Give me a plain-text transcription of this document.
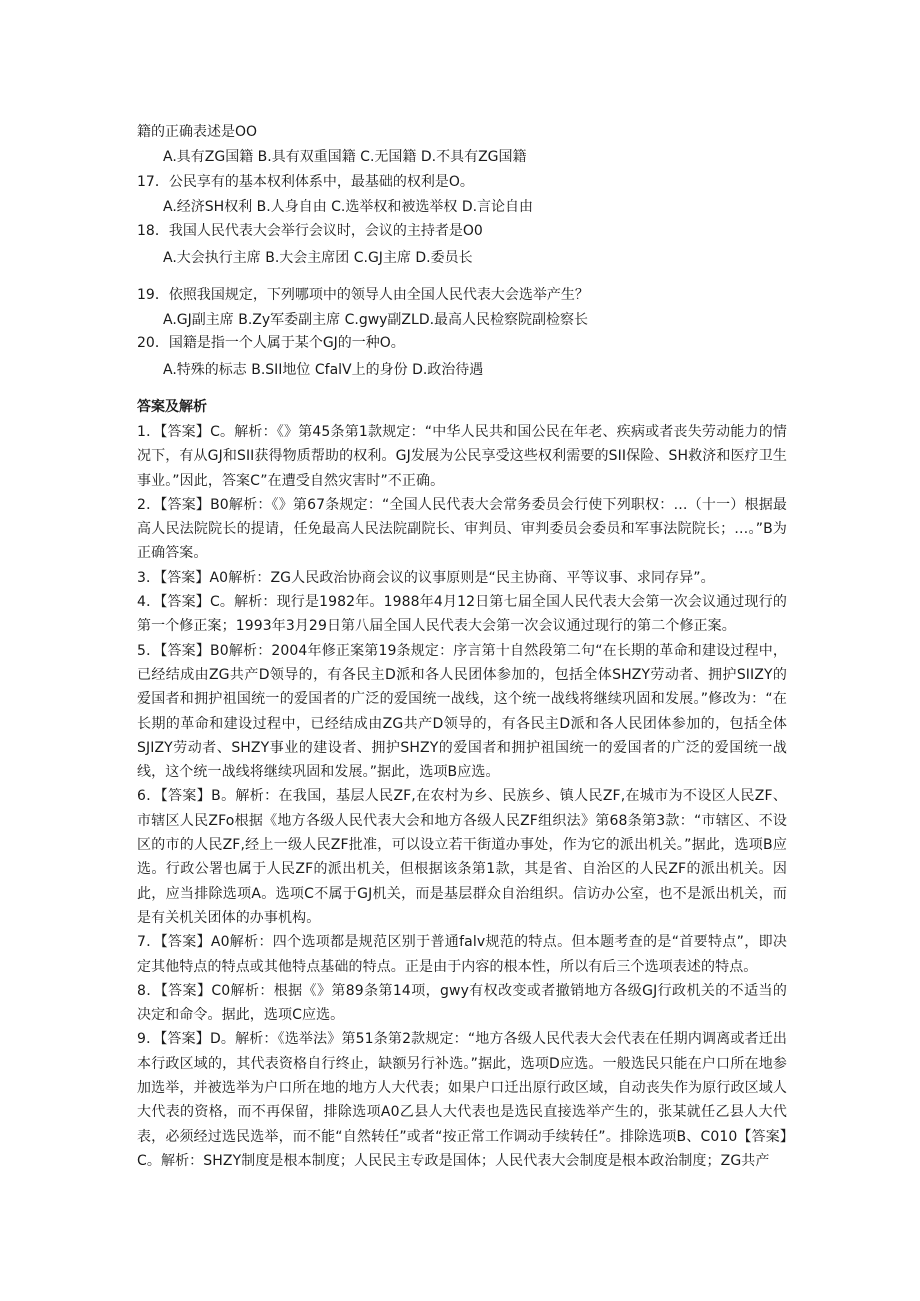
籍的正确表述是OO
A.具有ZG国籍 B.具有双重国籍 C.无国籍 D.不具有ZG国籍
17．公民享有的基本权利体系中，最基础的权利是O。
A.经济SH权利 B.人身自由 C.选举权和被选举权 D.言论自由
18．我国人民代表大会举行会议时，会议的主持者是O0
A.大会执行主席 B.大会主席团 C.GJ主席 D.委员长
19．依照我国规定，下列哪项中的领导人由全国人民代表大会选举产生？
A.GJ副主席 B.Zy军委副主席 C.gwy副ZLD.最高人民检察院副检察长
20．国籍是指一个人属于某个GJ的一种O。
A.特殊的标志 B.SII地位 CfalV上的身份 D.政治待遇
答案及解析

1．【答案】C。解析：《》第45条第1款规定：“中华人民共和国公民在年老、疾病或者丧失劳动能力的情况下，有从GJ和SII获得物质帮助的权利。GJ发展为公民享受这些权利需要的SII保险、SH救济和医疗卫生事业。”因此，答案C”在遭受自然灾害时”不正确。

2．【答案】B0解析：《》第67条规定：“全国人民代表大会常务委员会行使下列职权：…（十一）根据最高人民法院院长的提请，任免最高人民法院副院长、审判员、审判委员会委员和军事法院院长；…。”B为正确答案。

3．【答案】A0解析：ZG人民政治协商会议的议事原则是“民主协商、平等议事、求同存异”。

4．【答案】C。解析：现行是1982年。1988年4月12日第七届全国人民代表大会第一次会议通过现行的第一个修正案；1993年3月29日第八届全国人民代表大会第一次会议通过现行的第二个修正案。

5．【答案】B0解析：2004年修正案第19条规定：序言第十自然段第二句“在长期的革命和建设过程中，已经结成由ZG共产D领导的，有各民主D派和各人民团体参加的，包括全体SHZY劳动者、拥护SIIZY的爱国者和拥护祖国统一的爱国者的广泛的爱国统一战线，这个统一战线将继续巩固和发展。”修改为：“在长期的革命和建设过程中，已经结成由ZG共产D领导的，有各民主D派和各人民团体参加的，包括全体SJIZY劳动者、SHZY事业的建设者、拥护SHZY的爱国者和拥护祖国统一的爱国者的广泛的爱国统一战线，这个统一战线将继续巩固和发展。”据此，选项B应选。

6．【答案】B。解析：在我国，基层人民ZF,在农村为乡、民族乡、镇人民ZF,在城市为不设区人民ZF、市辖区人民ZFo根据《地方各级人民代表大会和地方各级人民ZF组织法》第68条第3款：“市辖区、不设区的市的人民ZF,经上一级人民ZF批准，可以设立若干街道办事处，作为它的派出机关。”据此，选项B应选。行政公署也属于人民ZF的派出机关，但根据该条第1款，其是省、自治区的人民ZF的派出机关。因此，应当排除选项A。选项C不属于GJ机关，而是基层群众自治组织。信访办公室，也不是派出机关，而是有关机关团体的办事机构。

7．【答案】A0解析：四个选项都是规范区别于普通falv规范的特点。但本题考查的是“首要特点”，即决定其他特点的特点或其他特点基础的特点。正是由于内容的根本性，所以有后三个选项表述的特点。

8．【答案】C0解析：根据《》第89条第14项，gwy有权改变或者撤销地方各级GJ行政机关的不适当的决定和命令。据此，选项C应选。

9．【答案】D。解析：《选举法》第51条第2款规定：“地方各级人民代表大会代表在任期内调离或者迁出本行政区域的，其代表资格自行终止，缺额另行补选。”据此，选项D应选。一般选民只能在户口所在地参加选举，并被选举为户口所在地的地方人大代表；如果户口迁出原行政区域，自动丧失作为原行政区域人大代表的资格，而不再保留，排除选项A0乙县人大代表也是选民直接选举产生的，张某就任乙县人大代表，必须经过选民选举，而不能“自然转任”或者“按正常工作调动手续转任”。排除选项B、C010【答案】C。解析：SHZY制度是根本制度；人民民主专政是国体；人民代表大会制度是根本政治制度；ZG共产
